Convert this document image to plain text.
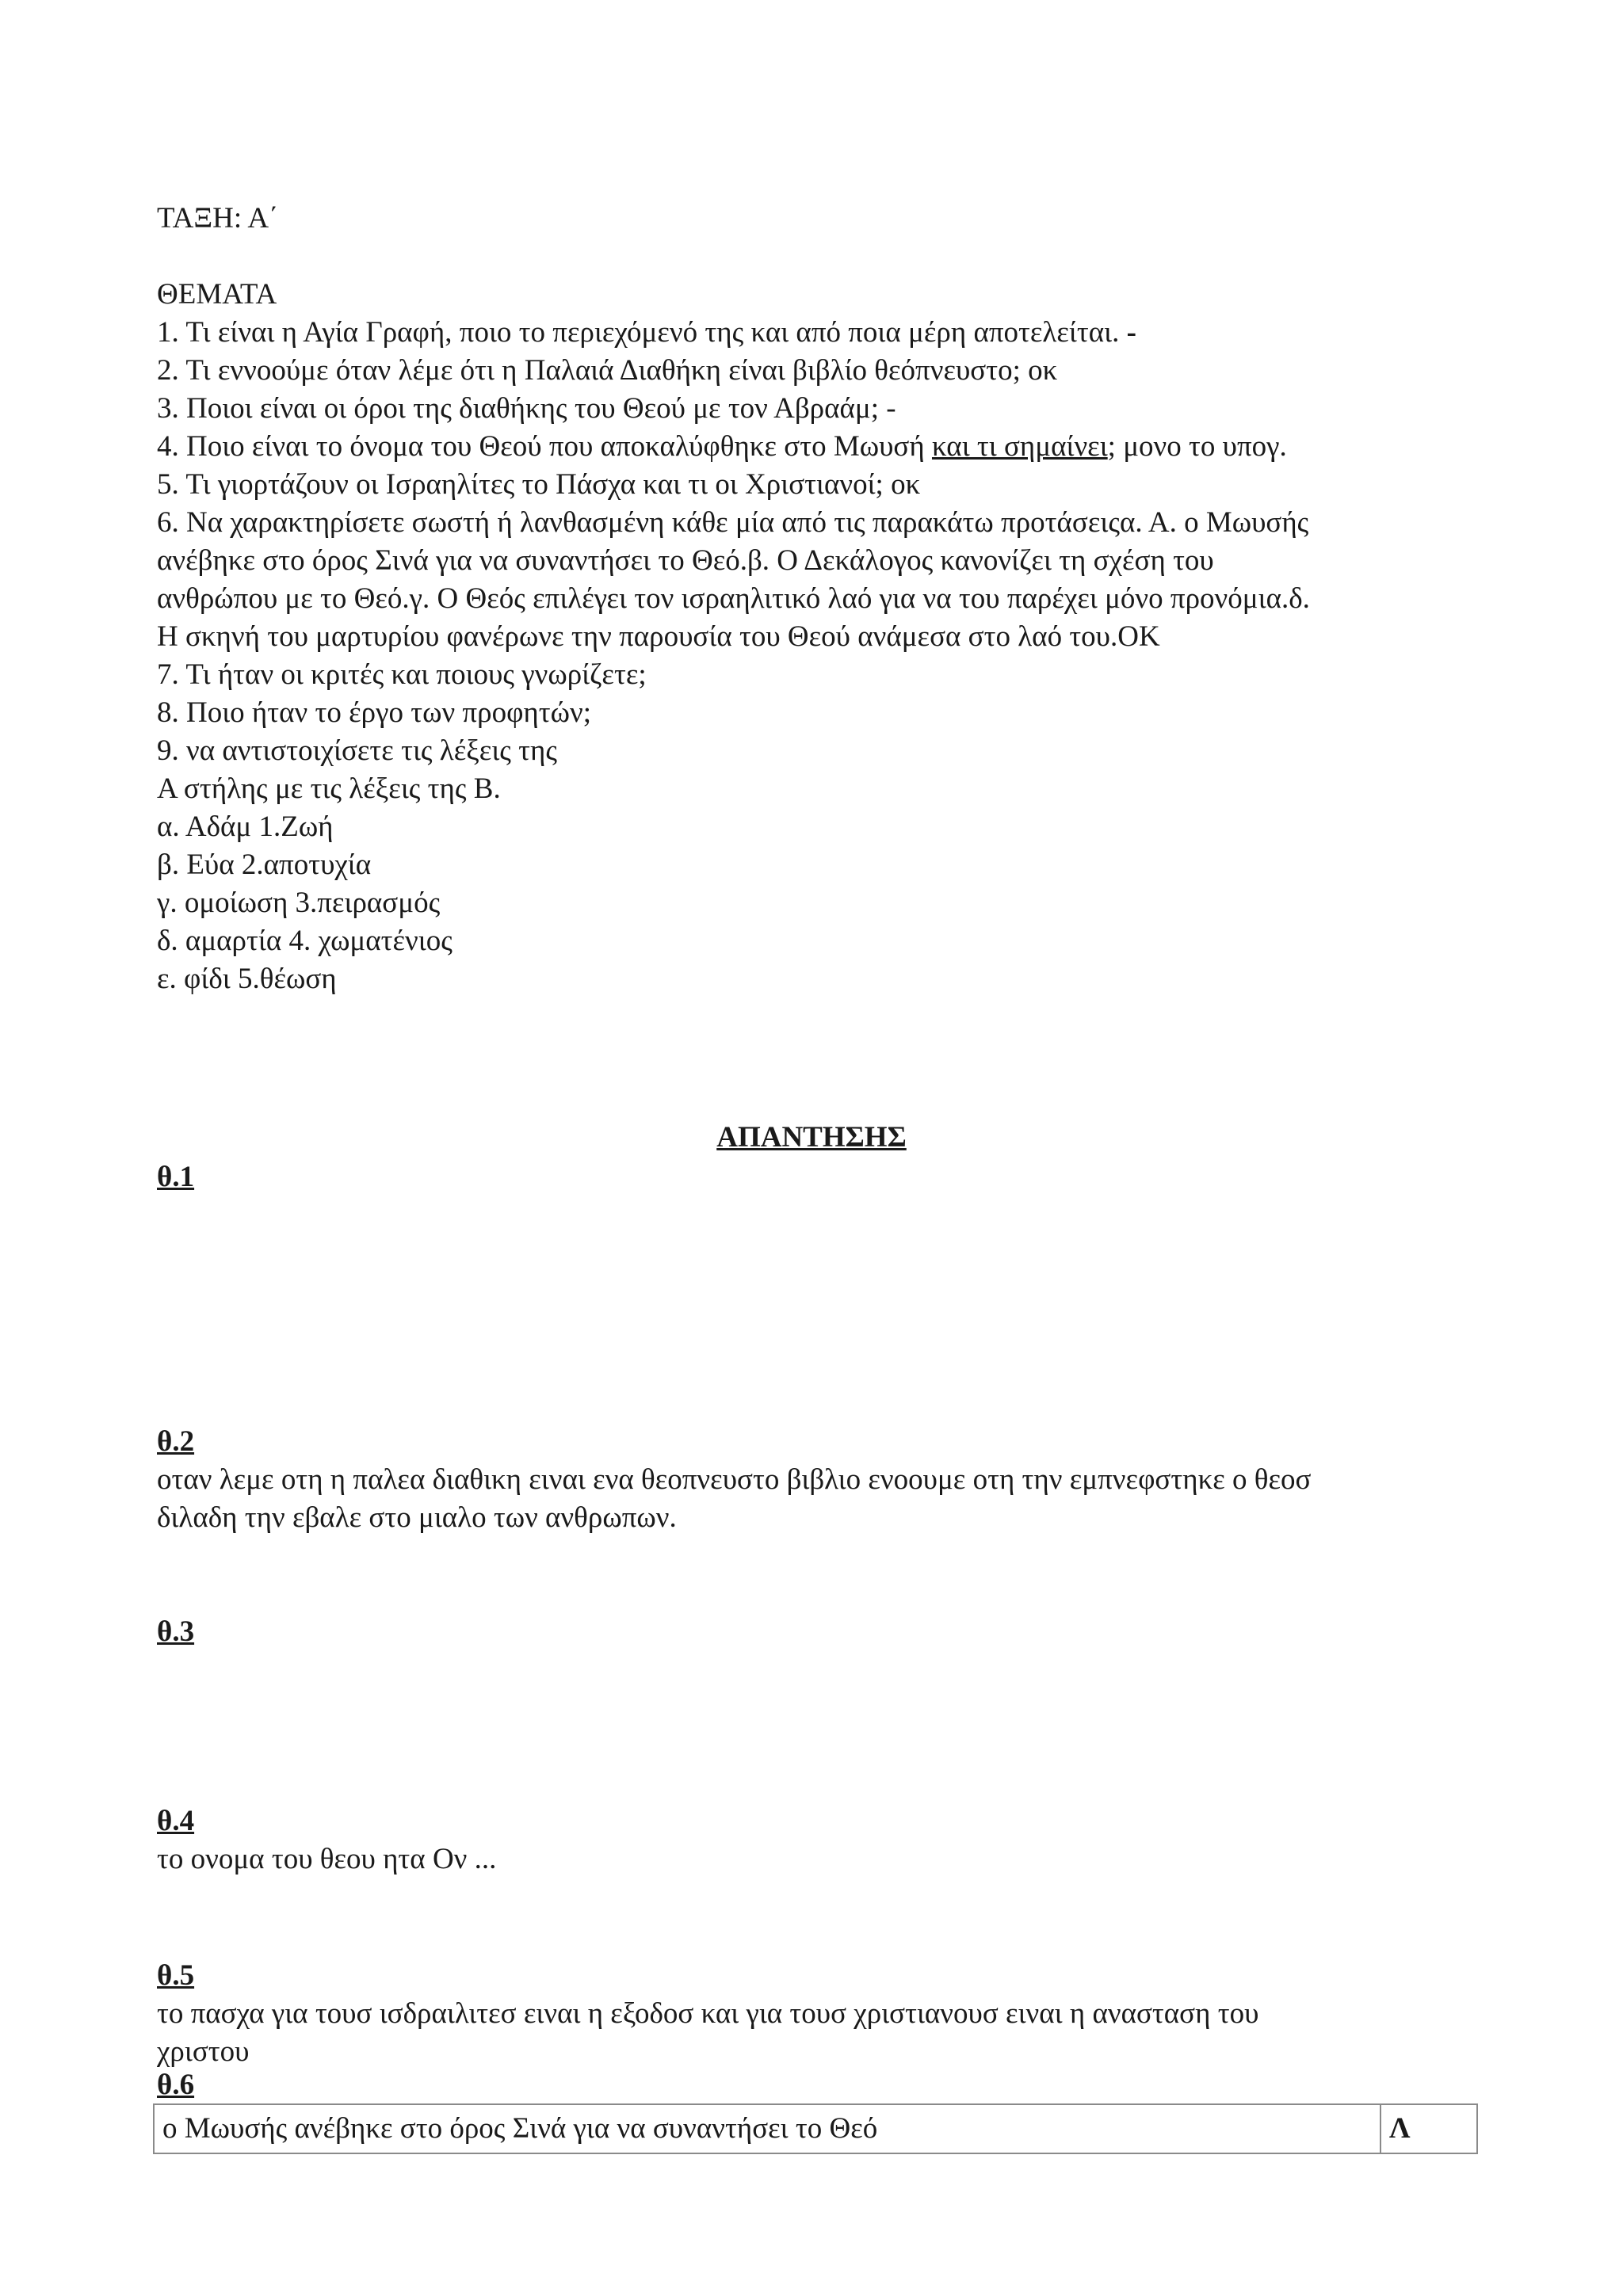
ΤΑΞΗ: Α΄
ΘΕΜΑΤΑ
1. Τι είναι η Αγία Γραφή, ποιο το περιεχόμενό της και από ποια μέρη αποτελείται. -
2. Τι εννοούμε όταν λέμε ότι η Παλαιά Διαθήκη είναι βιβλίο θεόπνευστο; οκ
3. Ποιοι είναι οι όροι της διαθήκης του Θεού με τον Αβραάμ; -
4. Ποιο είναι το όνομα του Θεού που αποκαλύφθηκε στο Μωυσή και τι σημαίνει; μονο το υπογ.
5. Τι γιορτάζουν οι Ισραηλίτες το Πάσχα και τι οι Χριστιανοί; οκ
6. Να χαρακτηρίσετε σωστή ή λανθασμένη κάθε μία από τις παρακάτω προτάσειςα. Α. ο Μωυσής
ανέβηκε στο όρος Σινά για να συναντήσει το Θεό.β. Ο Δεκάλογος κανονίζει τη σχέση του
ανθρώπου με το Θεό.γ. Ο Θεός επιλέγει τον ισραηλιτικό λαό για να του παρέχει μόνο προνόμια.δ.
Η σκηνή του μαρτυρίου φανέρωνε την παρουσία του Θεού ανάμεσα στο λαό του.ΟΚ
7. Τι ήταν οι κριτές και ποιους γνωρίζετε;
8. Ποιο ήταν το έργο των προφητών;
9. να αντιστοιχίσετε τις λέξεις της
Α στήλης με τις λέξεις της Β.
α. Αδάμ 1.Ζωή
β. Εύα 2.αποτυχία
γ. ομοίωση 3.πειρασμός
δ. αμαρτία 4. χωματένιος
ε. φίδι 5.θέωση
ΑΠΑΝΤΗΣΗΣ
θ.1
θ.2
οταν λεμε οτη η παλεα διαθικη ειναι ενα θεοπνευστο βιβλιο ενοουμε οτη την εμπνεφστηκε ο θεοσ
διλαδη την εβαλε στο μιαλο των ανθρωπων.
θ.3
θ.4
το ονομα του θεου ητα Ον ...
θ.5
το πασχα για τουσ ισδραιλιτεσ ειναι η εξοδοσ και για τουσ χριστιανουσ ειναι η ανασταση του
χριστου
θ.6
ο Μωυσής ανέβηκε στο όρος Σινά για να συναντήσει το Θεό	Λ
